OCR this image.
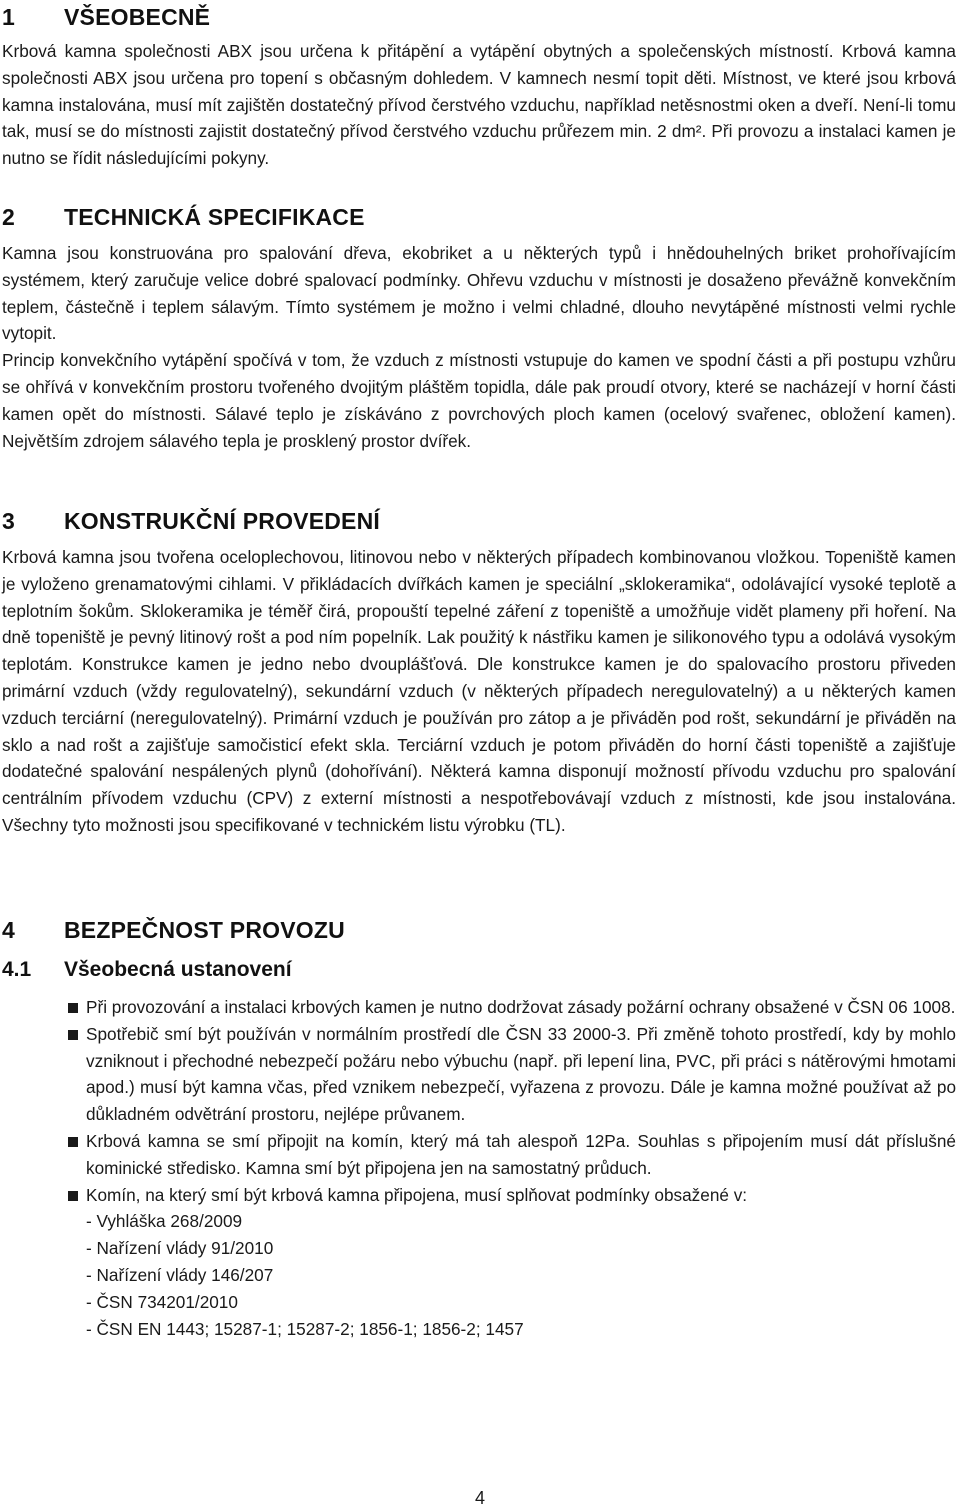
1	VŠEOBECNĚ

Krbová kamna společnosti ABX jsou určena k přitápění a vytápění obytných a společenských místností. Krbová kamna společnosti ABX jsou určena pro topení s občasným dohledem. V kamnech nesmí topit děti. Místnost, ve které jsou krbová kamna instalována, musí mít zajištěn dostatečný přívod čerstvého vzduchu, například netěsnostmi oken a dveří. Není-li tomu tak, musí se do místnosti zajistit dostatečný přívod čerstvého vzduchu průřezem min. 2 dm². Při provozu a instalaci kamen je nutno se řídit následujícími pokyny.

2	TECHNICKÁ SPECIFIKACE

Kamna jsou konstruována pro spalování dřeva, ekobriket a u některých typů i hnědouhelných briket prohořívajícím systémem, který zaručuje velice dobré spalovací podmínky. Ohřevu vzduchu v místnosti je dosaženo převážně konvekčním teplem, částečně i teplem sálavým. Tímto systémem je možno i velmi chladné, dlouho nevytápěné místnosti velmi rychle vytopit.

Princip konvekčního vytápění spočívá v tom, že vzduch z místnosti vstupuje do kamen ve spodní části a při postupu vzhůru se ohřívá v konvekčním prostoru tvořeného dvojitým pláštěm topidla, dále pak proudí otvory, které se nacházejí v horní části kamen opět do místnosti. Sálavé teplo je získáváno z povrchových ploch kamen (ocelový svařenec, obložení kamen). Největším zdrojem sálavého tepla je prosklený prostor dvířek.

3	KONSTRUKČNÍ PROVEDENÍ

Krbová kamna jsou tvořena oceloplechovou, litinovou nebo v některých případech kombinovanou vložkou. Topeniště kamen je vyloženo grenamatovými cihlami. V přikládacích dvířkách kamen je speciální „sklokeramika“, odolávající vysoké teplotě a teplotním šokům. Sklokeramika je téměř čirá, propouští tepelné záření z topeniště a umožňuje vidět plameny při hoření. Na dně topeniště je pevný litinový rošt a pod ním popelník. Lak použitý k nástřiku kamen je silikonového typu a odolává vysokým teplotám. Konstrukce kamen je jedno nebo dvouplášťová. Dle konstrukce kamen je do spalovacího prostoru přiveden primární vzduch (vždy regulovatelný), sekundární vzduch (v některých případech neregulovatelný) a u některých kamen vzduch terciární (neregulovatelný). Primární vzduch je používán pro zátop a je přiváděn pod rošt, sekundární je přiváděn na sklo a nad rošt a zajišťuje samočisticí efekt skla. Terciární vzduch je potom přiváděn do horní části topeniště a zajišťuje dodatečné spalování nespálených plynů (dohořívání). Některá kamna disponují možností přívodu vzduchu pro spalování centrálním přívodem vzduchu (CPV) z externí místnosti a nespotřebovávají vzduch z místnosti, kde jsou instalována. Všechny tyto možnosti jsou specifikované v technickém listu výrobku (TL).

4	BEZPEČNOST PROVOZU
4.1	Všeobecná ustanovení
Při provozování a instalaci krbových kamen je nutno dodržovat zásady požární ochrany obsažené v ČSN 06 1008.
Spotřebič smí být používán v normálním prostředí dle ČSN 33 2000-3. Při změně tohoto prostředí, kdy by mohlo vzniknout i přechodné nebezpečí požáru nebo výbuchu (např. při lepení lina, PVC, při práci s nátěrovými hmotami apod.) musí být kamna včas, před vznikem nebezpečí, vyřazena z provozu. Dále je kamna možné používat až po důkladném odvětrání prostoru, nejlépe průvanem.
Krbová kamna se smí připojit na komín, který má tah alespoň 12Pa. Souhlas s připojením musí dát příslušné kominické středisko. Kamna smí být připojena jen na samostatný průduch.
Komín, na který smí být krbová kamna připojena, musí splňovat podmínky obsažené v:
- Vyhláška 268/2009
- Nařízení vlády 91/2010
- Nařízení vlády 146/207
- ČSN 734201/2010
- ČSN EN 1443; 15287-1; 15287-2; 1856-1; 1856-2; 1457
4
